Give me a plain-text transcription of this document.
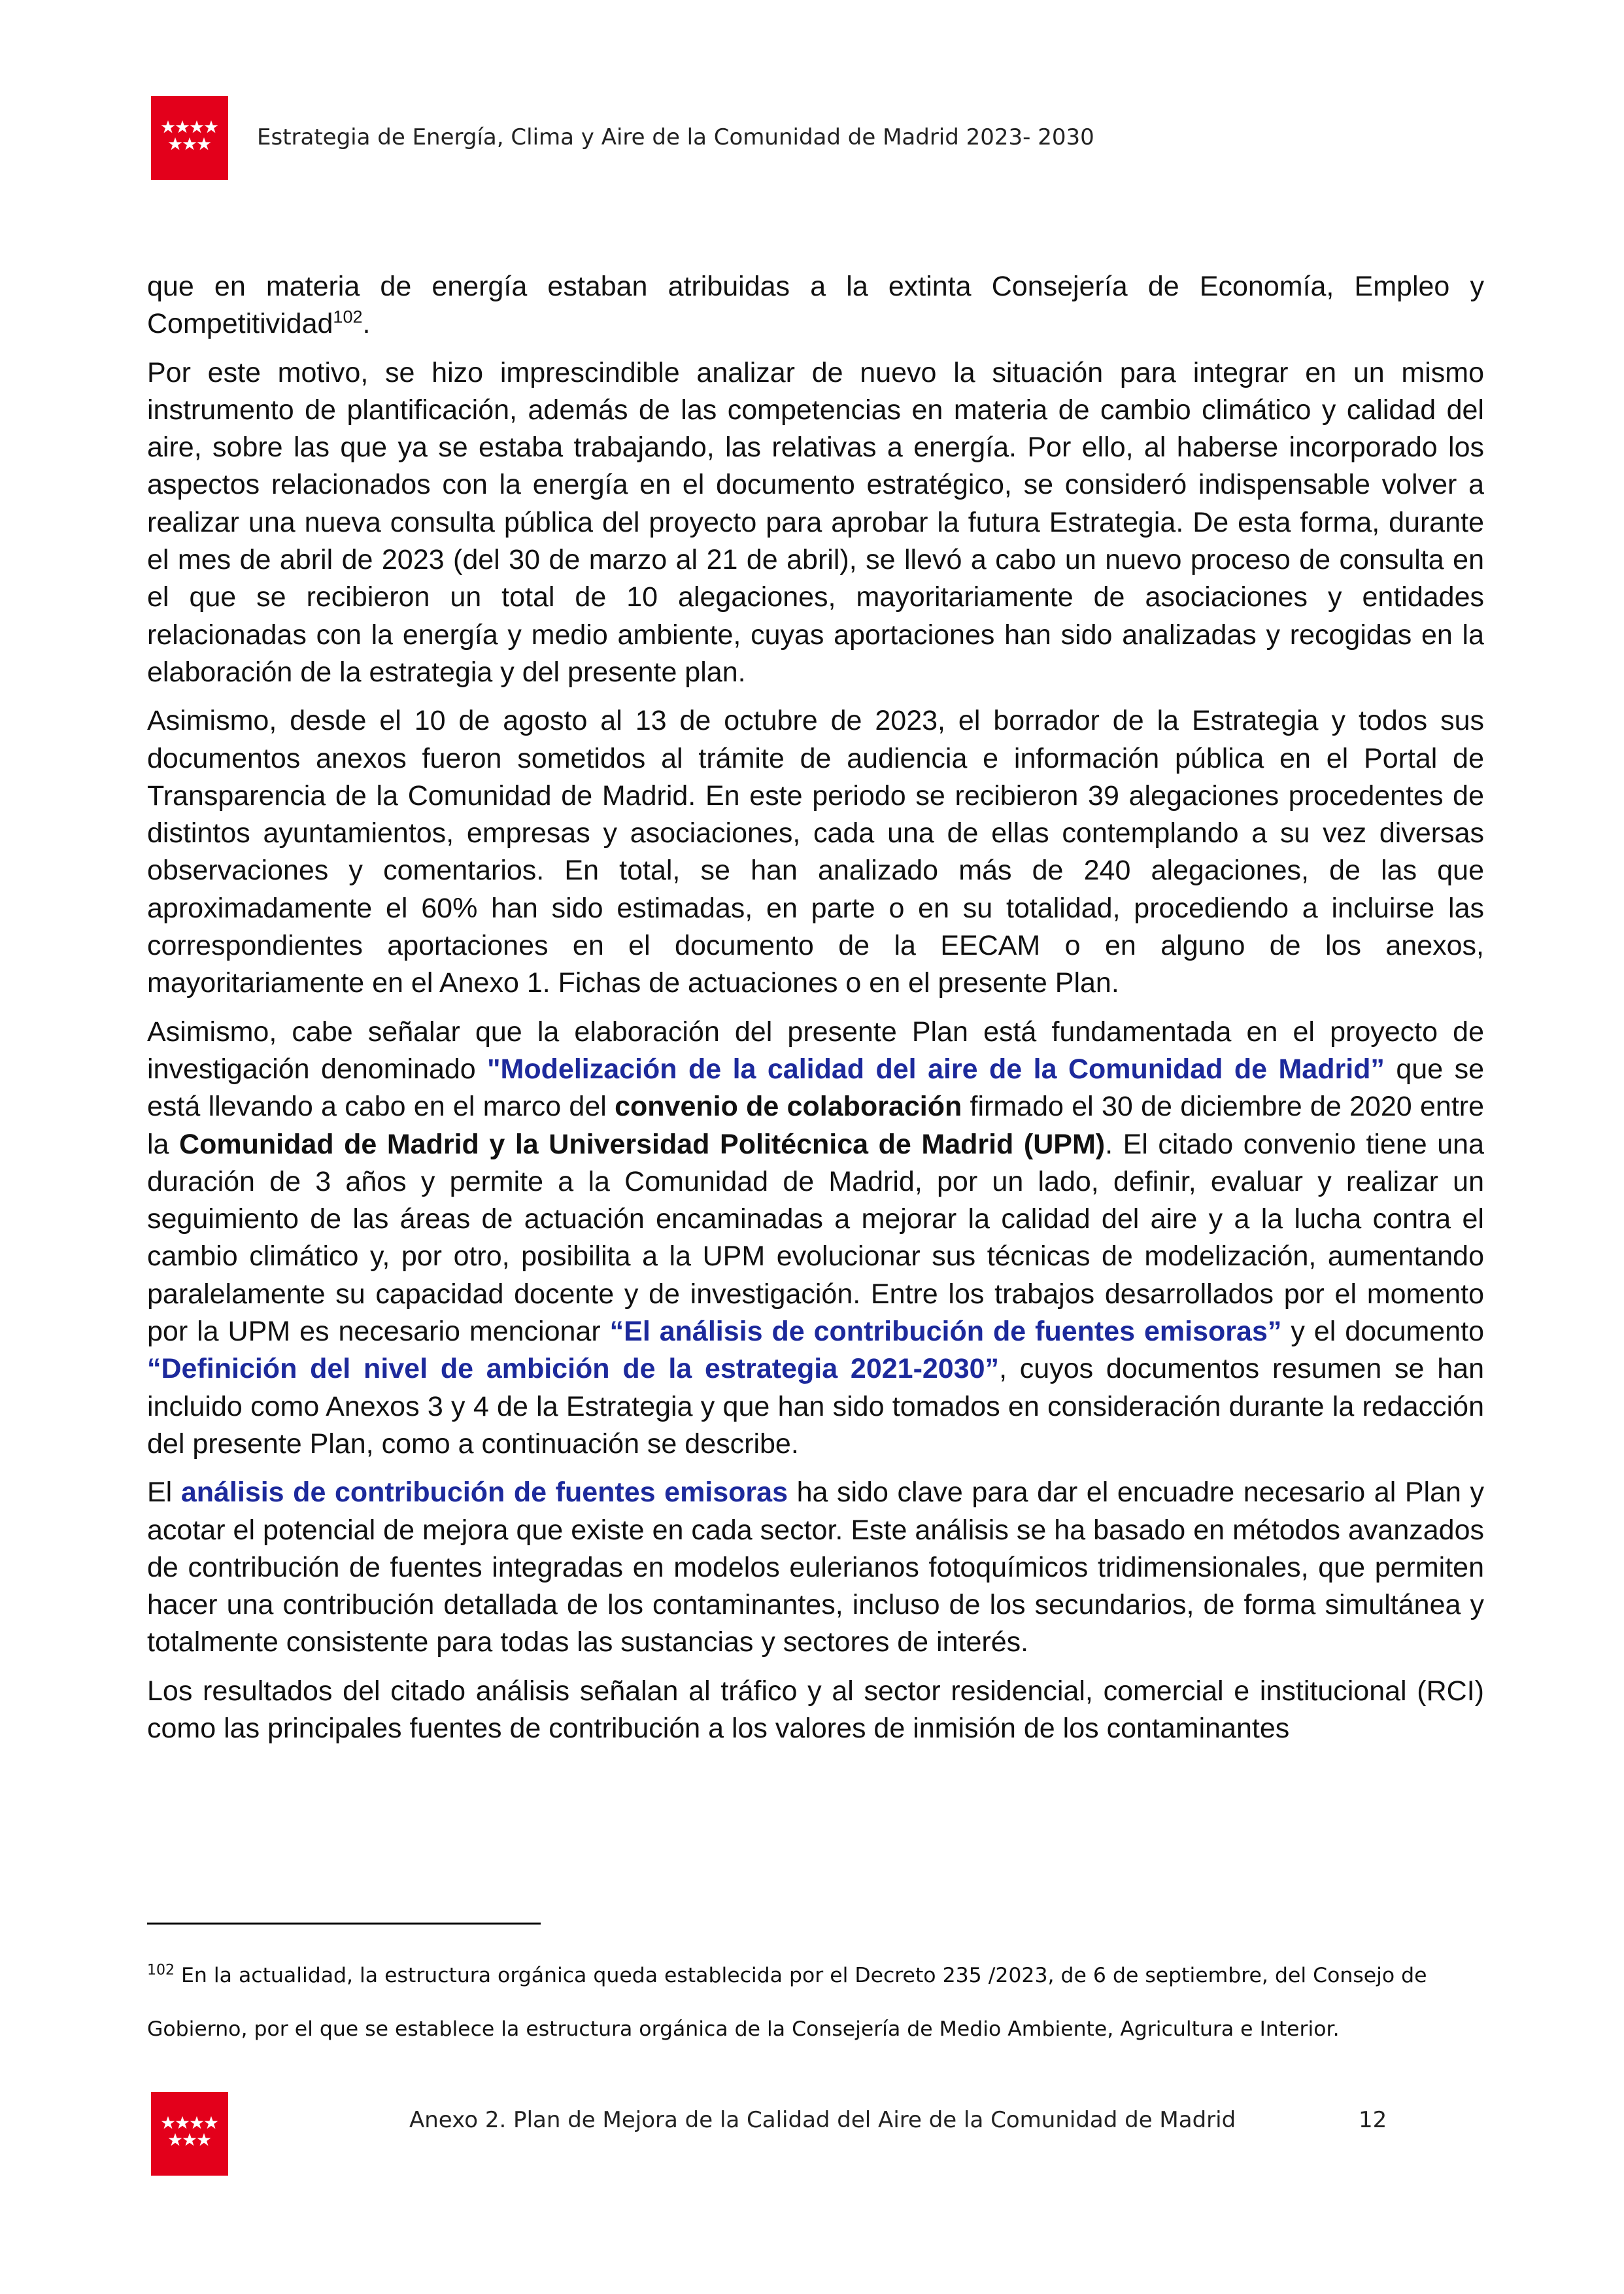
Estrategia de Energía, Clima y Aire de la Comunidad de Madrid 2023- 2030

que en materia de energía estaban atribuidas a la extinta Consejería de Economía, Empleo y Competitividad$^{102}$.

Por este motivo, se hizo imprescindible analizar de nuevo la situación para integrar en un mismo instrumento de plantificación, además de las competencias en materia de cambio climático y calidad del aire, sobre las que ya se estaba trabajando, las relativas a energía. Por ello, al haberse incorporado los aspectos relacionados con la energía en el documento estratégico, se consideró indispensable volver a realizar una nueva consulta pública del proyecto para aprobar la futura Estrategia. De esta forma, durante el mes de abril de 2023 (del 30 de marzo al 21 de abril), se llevó a cabo un nuevo proceso de consulta en el que se recibieron un total de 10 alegaciones, mayoritariamente de asociaciones y entidades relacionadas con la energía y medio ambiente, cuyas aportaciones han sido analizadas y recogidas en la elaboración de la estrategia y del presente plan.

Asimismo, desde el 10 de agosto al 13 de octubre de 2023, el borrador de la Estrategia y todos sus documentos anexos fueron sometidos al trámite de audiencia e información pública en el Portal de Transparencia de la Comunidad de Madrid. En este periodo se recibieron 39 alegaciones procedentes de distintos ayuntamientos, empresas y asociaciones, cada una de ellas contemplando a su vez diversas observaciones y comentarios. En total, se han analizado más de 240 alegaciones, de las que aproximadamente el 60% han sido estimadas, en parte o en su totalidad, procediendo a incluirse las correspondientes aportaciones en el documento de la EECAM o en alguno de los anexos, mayoritariamente en el Anexo 1. Fichas de actuaciones o en el presente Plan.

Asimismo, cabe señalar que la elaboración del presente Plan está fundamentada en el proyecto de investigación denominado "Modelización de la calidad del aire de la Comunidad de Madrid” que se está llevando a cabo en el marco del convenio de colaboración firmado el 30 de diciembre de 2020 entre la Comunidad de Madrid y la Universidad Politécnica de Madrid (UPM). El citado convenio tiene una duración de 3 años y permite a la Comunidad de Madrid, por un lado, definir, evaluar y realizar un seguimiento de las áreas de actuación encaminadas a mejorar la calidad del aire y a la lucha contra el cambio climático y, por otro, posibilita a la UPM evolucionar sus técnicas de modelización, aumentando paralelamente su capacidad docente y de investigación. Entre los trabajos desarrollados por el momento por la UPM es necesario mencionar “El análisis de contribución de fuentes emisoras” y el documento “Definición del nivel de ambición de la estrategia 2021-2030”, cuyos documentos resumen se han incluido como Anexos 3 y 4 de la Estrategia y que han sido tomados en consideración durante la redacción del presente Plan, como a continuación se describe.

El análisis de contribución de fuentes emisoras ha sido clave para dar el encuadre necesario al Plan y acotar el potencial de mejora que existe en cada sector. Este análisis se ha basado en métodos avanzados de contribución de fuentes integradas en modelos eulerianos fotoquímicos tridimensionales, que permiten hacer una contribución detallada de los contaminantes, incluso de los secundarios, de forma simultánea y totalmente consistente para todas las sustancias y sectores de interés.

Los resultados del citado análisis señalan al tráfico y al sector residencial, comercial e institucional (RCI) como las principales fuentes de contribución a los valores de inmisión de los contaminantes

$^{102}$ En la actualidad, la estructura orgánica queda establecida por el Decreto 235 /2023, de 6 de septiembre, del Consejo de Gobierno, por el que se establece la estructura orgánica de la Consejería de Medio Ambiente, Agricultura e Interior.
Anexo 2. Plan de Mejora de la Calidad del Aire de la Comunidad de Madrid	12
